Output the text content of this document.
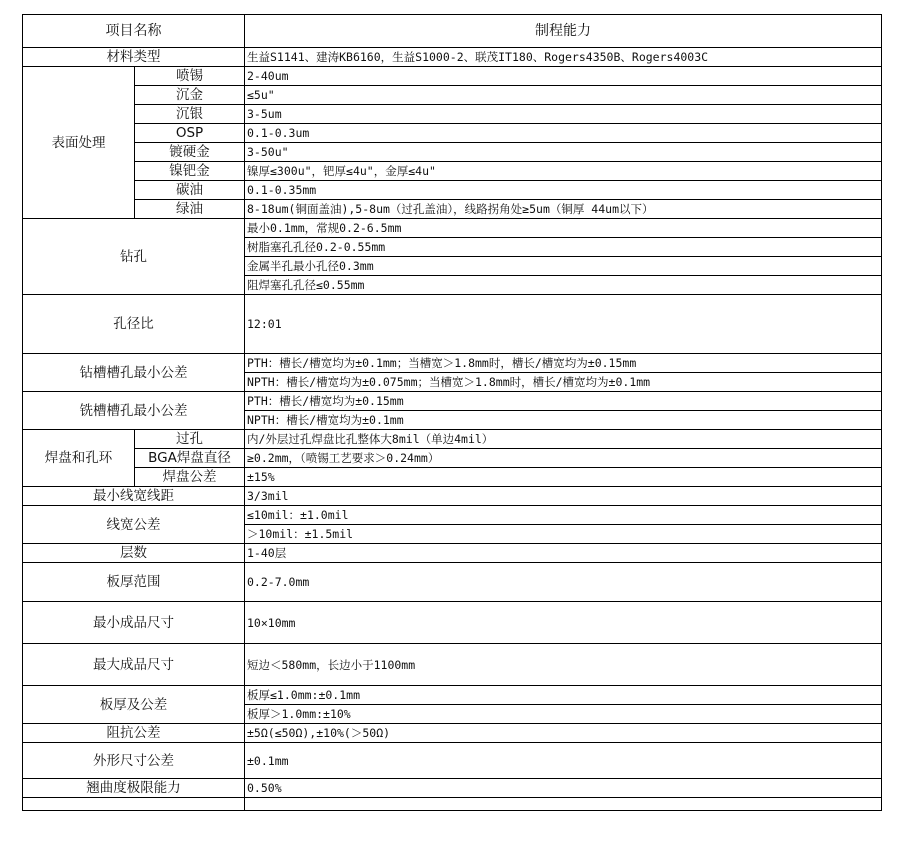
项目名称		制程能力
材料类型		生益S1141、建涛KB6160，生益S1000-2、联茂IT180、Rogers4350B、Rogers4003C
表面处理	喷锡	2-40um
	沉金	≤5u"
	沉银	3-5um
	OSP	0.1-0.3um
	镀硬金	3-50u"
	镍钯金	镍厚≤300u"，钯厚≤4u"，金厚≤4u"
	碳油	0.1-0.35mm
	绿油	8-18um(铜面盖油),5-8um（过孔盖油），线路拐角处≥5um（铜厚 44um以下）
钻孔		最小0.1mm，常规0.2-6.5mm
		树脂塞孔孔径0.2-0.55mm
		金属半孔最小孔径0.3mm
		阻焊塞孔孔径≤0.55mm
孔径比		12:01
钻槽槽孔最小公差		PTH：槽长/槽宽均为±0.1mm；当槽宽＞1.8mm时，槽长/槽宽均为±0.15mm
		NPTH：槽长/槽宽均为±0.075mm；当槽宽＞1.8mm时，槽长/槽宽均为±0.1mm
铣槽槽孔最小公差		PTH：槽长/槽宽均为±0.15mm
		NPTH：槽长/槽宽均为±0.1mm
焊盘和孔环	过孔	内/外层过孔焊盘比孔整体大8mil（单边4mil）
	BGA焊盘直径	≥0.2mm，（喷锡工艺要求＞0.24mm）
	焊盘公差	±15%
最小线宽线距		3/3mil
线宽公差		≤10mil：±1.0mil
		＞10mil：±1.5mil
层数		1-40层
板厚范围		0.2-7.0mm
最小成品尺寸		10×10mm
最大成品尺寸		短边＜580mm，长边小于1100mm
板厚及公差		板厚≤1.0mm:±0.1mm
		板厚＞1.0mm:±10%
阻抗公差		±5Ω(≤50Ω),±10%(＞50Ω)
外形尺寸公差		±0.1mm
翘曲度极限能力		0.50%
